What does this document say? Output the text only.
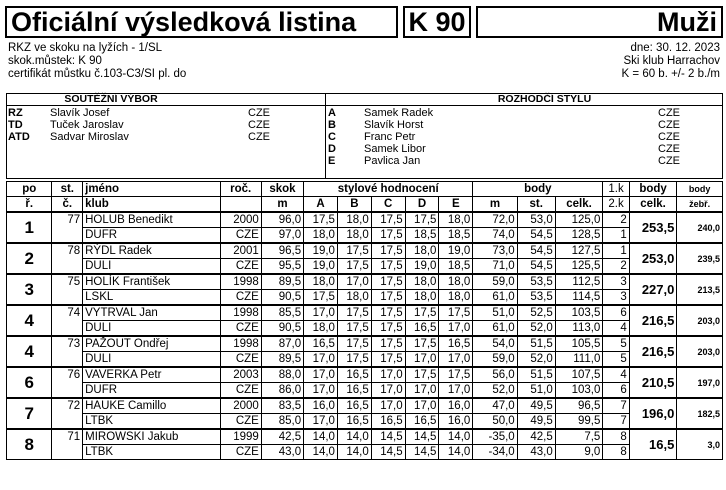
Oficiální výsledková listina	K 90	Muži
RKZ ve skoku na lyžích - 1/SL
skok.můstek: K 90
certifikát můstku č.103-C3/SI pl. do
dne: 30. 12. 2023
Ski klub Harrachov
K = 60 b. +/- 2 b./m
SOUTĚŽNÍ VÝBOR	ROZHODČÍ STYLU
RZ Slavík Josef	CZE
TD Tuček Jaroslav	CZE
ATD Sadvar Miroslav	CZE
A	Samek Radek	CZE
B	Slavík Horst	CZE
C	Franc Petr	CZE
D	Samek Libor	CZE
E	Pavlica Jan	CZE
po	st.	jméno	roč.	skok	stylové hodnocení					body			1.k	body	body
ř.	č.	klub		m	A	B	C	D	E	m	st.	celk.	2.k	celk.	žebř.
1	77	HOLUB Benedikt	2000	96,0	17,5	18,0	17,5	17,5	18,0	72,0	53,0	125,0	2	253,5	240,0
		DUFR	CZE	97,0	18,0	18,0	17,5	18,5	18,5	74,0	54,5	128,5	1		
2	78	RÝDL Radek	2001	96,5	19,0	17,5	17,5	18,0	19,0	73,0	54,5	127,5	1	253,0	239,5
		DULI	CZE	95,5	19,0	17,5	17,5	19,0	18,5	71,0	54,5	125,5	2		
3	75	HOLÍK František	1998	89,5	18,0	17,0	17,5	18,0	18,0	59,0	53,5	112,5	3	227,0	213,5
		LSKL	CZE	90,5	17,5	18,0	17,5	18,0	18,0	61,0	53,5	114,5	3		
4	74	VYTRVAL Jan	1998	85,5	17,0	17,5	17,5	17,5	17,5	51,0	52,5	103,5	6	216,5	203,0
		DULI	CZE	90,5	18,0	17,5	17,5	16,5	17,0	61,0	52,0	113,0	4		
4	73	PAŽOUT Ondřej	1998	87,0	16,5	17,5	17,5	17,5	16,5	54,0	51,5	105,5	5	216,5	203,0
		DULI	CZE	89,5	17,0	17,5	17,5	17,0	17,0	59,0	52,0	111,0	5		
6	76	VAVERKA Petr	2003	88,0	17,0	16,5	17,0	17,5	17,5	56,0	51,5	107,5	4	210,5	197,0
		DUFR	CZE	86,0	17,0	16,5	17,0	17,0	17,0	52,0	51,0	103,0	6		
7	72	HAUKE Camillo	2000	83,5	16,0	16,5	17,0	17,0	16,0	47,0	49,5	96,5	7	196,0	182,5
		LTBK	CZE	85,0	17,0	16,5	16,5	16,5	16,0	50,0	49,5	99,5	7		
8	71	MIROWSKI Jakub	1999	42,5	14,0	14,0	14,5	14,5	14,0	-35,0	42,5	7,5	8	16,5	3,0
		LTBK	CZE	43,0	14,0	14,0	14,5	14,5	14,0	-34,0	43,0	9,0	8		
